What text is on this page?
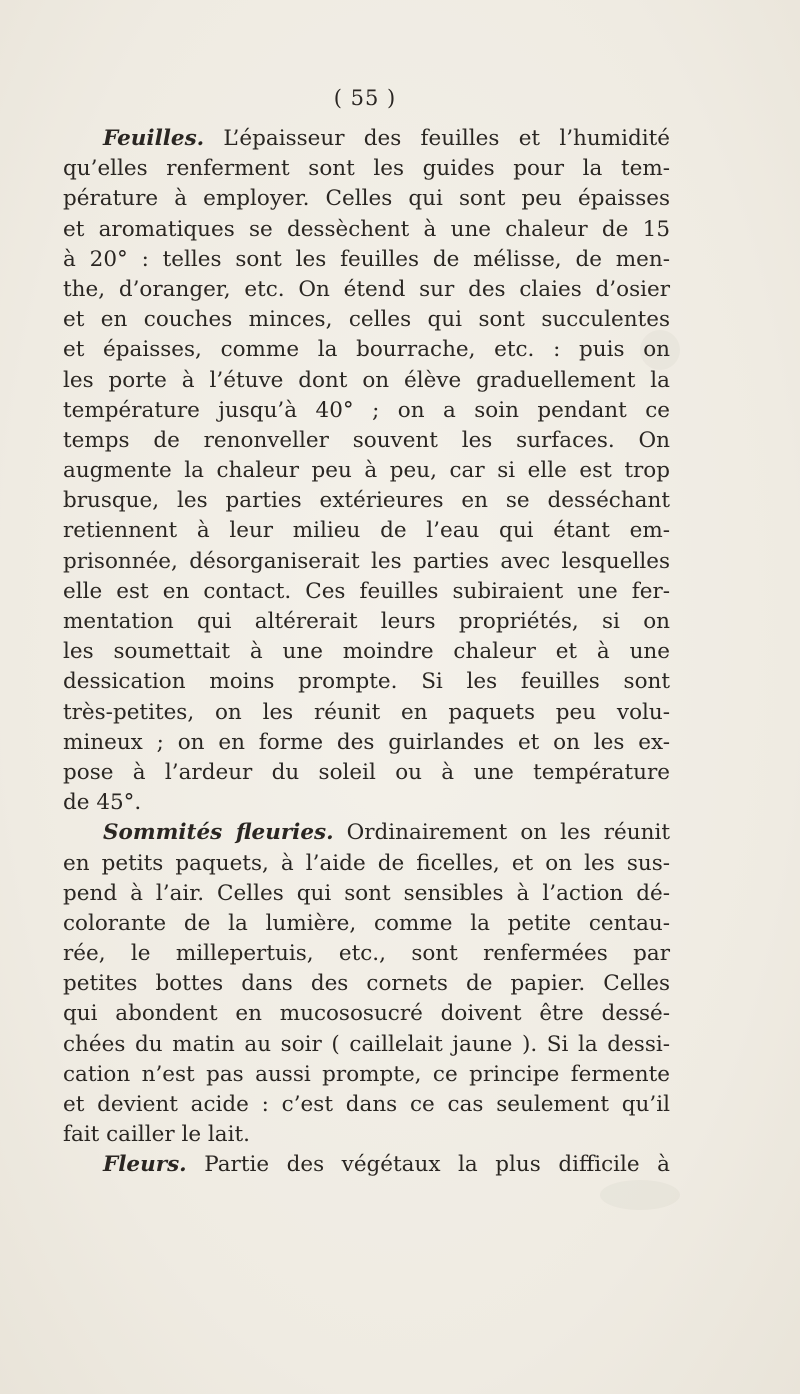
( 55 )
Feuilles. L’épaisseur des feuilles et l’humidité
qu’elles renferment sont les guides pour la tem-
pérature à employer. Celles qui sont peu épaisses
et aromatiques se dessèchent à une chaleur de 15
à 20° : telles sont les feuilles de mélisse, de men-
the, d’oranger, etc. On étend sur des claies d’osier
et en couches minces, celles qui sont succulentes
et épaisses, comme la bourrache, etc. : puis on
les porte à l’étuve dont on élève graduellement la
température jusqu’à 40° ; on a soin pendant ce
temps de renonveller souvent les surfaces. On
augmente la chaleur peu à peu, car si elle est trop
brusque, les parties extérieures en se desséchant
retiennent à leur milieu de l’eau qui étant em-
prisonnée, désorganiserait les parties avec lesquelles
elle est en contact. Ces feuilles subiraient une fer-
mentation qui altérerait leurs propriétés, si on
les soumettait à une moindre chaleur et à une
dessication moins prompte. Si les feuilles sont
très-petites, on les réunit en paquets peu volu-
mineux ; on en forme des guirlandes et on les ex-
pose à l’ardeur du soleil ou à une température
de 45°.
Sommités fleuries. Ordinairement on les réunit
en petits paquets, à l’aide de ficelles, et on les sus-
pend à l’air. Celles qui sont sensibles à l’action dé-
colorante de la lumière, comme la petite centau-
rée, le millepertuis, etc., sont renfermées par
petites bottes dans des cornets de papier. Celles
qui abondent en mucososucré doivent être dessé-
chées du matin au soir ( caillelait jaune ). Si la dessi-
cation n’est pas aussi prompte, ce principe fermente
et devient acide : c’est dans ce cas seulement qu’il
fait cailler le lait.
Fleurs. Partie des végétaux la plus difficile à
